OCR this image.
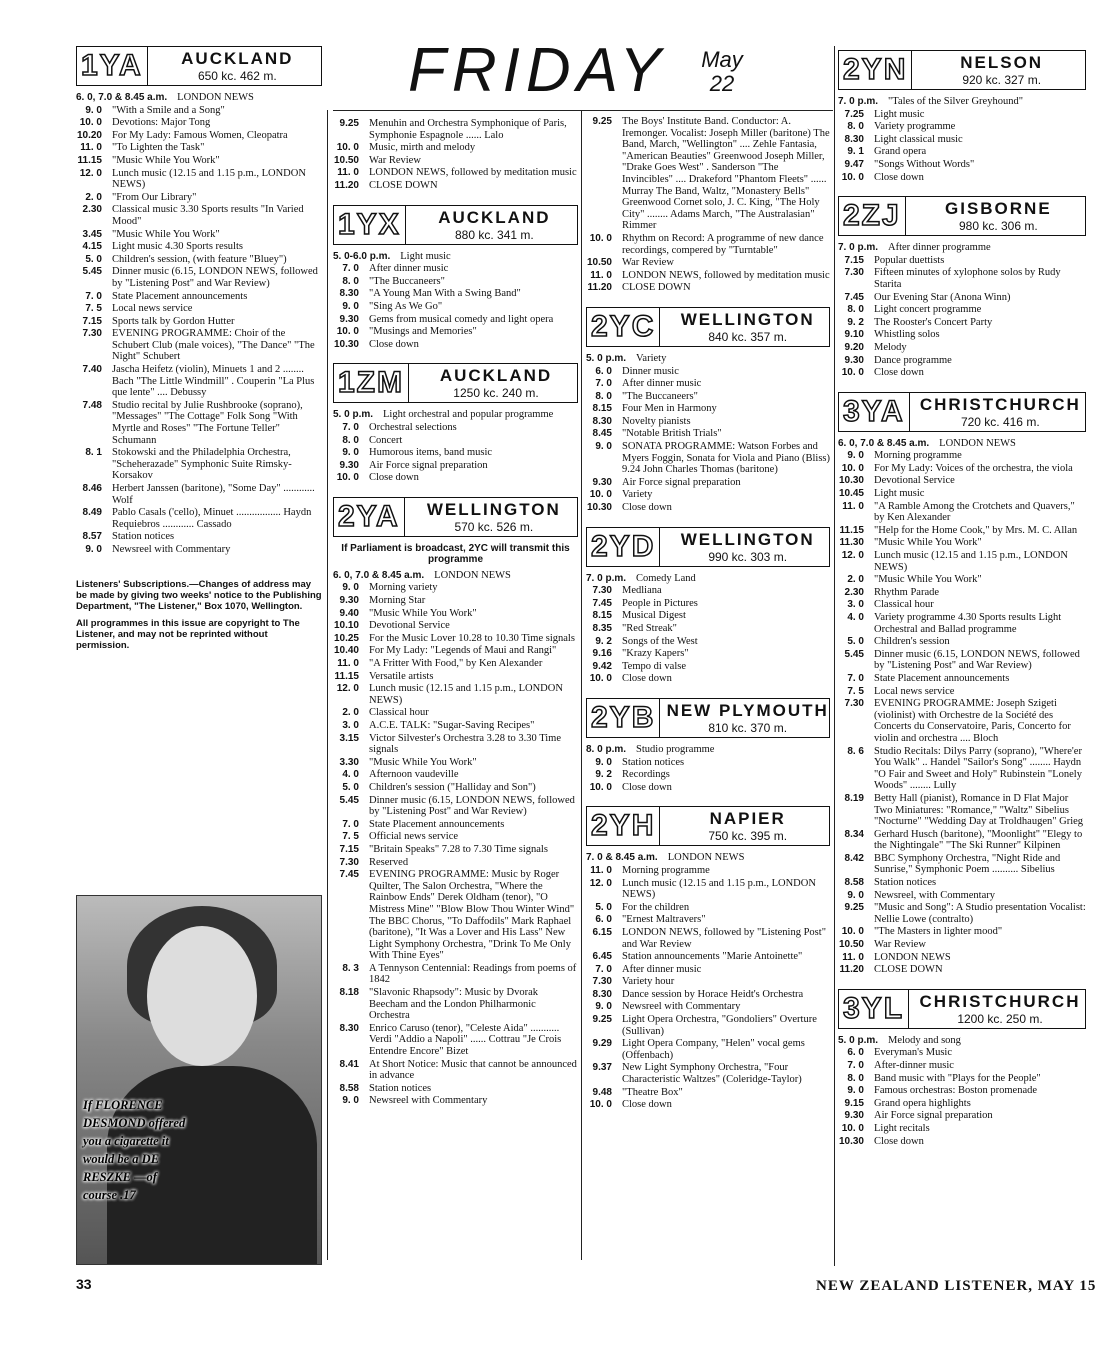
FRIDAY	May
22
1YA	AUCKLAND
650 kc. 462 m.
6. 0, 7.0 & 8.45 a.m. LONDON NEWS
9. 0 "With a Smile and a Song"
10. 0 Devotions: Major Tong
10.20 For My Lady: Famous Women, Cleopatra
11. 0 "To Lighten the Task"
11.15 "Music While You Work"
12. 0 Lunch music (12.15 and 1.15 p.m., LONDON NEWS)
2. 0 "From Our Library"
2.30 Classical music 3.30 Sports results "In Varied Mood"
3.45 "Music While You Work"
4.15 Light music 4.30 Sports results
5. 0 Children's session, (with feature "Bluey")
5.45 Dinner music (6.15, LONDON NEWS, followed by "Listening Post" and War Review)
7. 0 State Placement announcements
7. 5 Local news service
7.15 Sports talk by Gordon Hutter
7.30 EVENING PROGRAMME: Choir of the Schubert Club (male voices), "The Dance" "The Night" Schubert
7.40 Jascha Heifetz (violin), Minuets 1 and 2 ........ Bach "The Little Windmill" . Couperin "La Plus que lente" .... Debussy
7.48 Studio recital by Julie Rushbrooke (soprano), "Messages" "The Cottage" Folk Song "With Myrtle and Roses" "The Fortune Teller" Schumann
8. 1 Stokowski and the Philadelphia Orchestra, "Scheherazade" Symphonic Suite Rimsky-Korsakov
8.46 Herbert Janssen (baritone), "Some Day" ............ Wolf
8.49 Pablo Casals ('cello), Minuet ................. Haydn Requiebros ............ Cassado
8.57 Station notices
9. 0 Newsreel with Commentary
Listeners' Subscriptions.—Changes of address may be made by giving two weeks' notice to the Publishing Department, "The Listener," Box 1070, Wellington.
All programmes in this issue are copyright to The Listener, and may not be reprinted without permission.
If FLORENCE DESMOND offered you a cigarette it would be a DE RESZKE —of course .17
9.25 Menuhin and Orchestra Symphonique of Paris, Symphonie Espagnole ...... Lalo
10. 0 Music, mirth and melody
10.50 War Review
11. 0 LONDON NEWS, followed by meditation music
11.20 CLOSE DOWN
1YX	AUCKLAND
880 kc. 341 m.
5. 0-6.0 p.m. Light music
7. 0 After dinner music
8. 0 "The Buccaneers"
8.30 "A Young Man With a Swing Band"
9. 0 "Sing As We Go"
9.30 Gems from musical comedy and light opera
10. 0 "Musings and Memories"
10.30 Close down
1ZM	AUCKLAND
1250 kc. 240 m.
5. 0 p.m. Light orchestral and popular programme
7. 0 Orchestral selections
8. 0 Concert
9. 0 Humorous items, band music
9.30 Air Force signal preparation
10. 0 Close down
2YA	WELLINGTON
570 kc. 526 m.
If Parliament is broadcast, 2YC will transmit this programme
6. 0, 7.0 & 8.45 a.m. LONDON NEWS
9. 0 Morning variety
9.30 Morning Star
9.40 "Music While You Work"
10.10 Devotional Service
10.25 For the Music Lover 10.28 to 10.30 Time signals
10.40 For My Lady: "Legends of Maui and Rangi"
11. 0 "A Fritter With Food," by Ken Alexander
11.15 Versatile artists
12. 0 Lunch music (12.15 and 1.15 p.m., LONDON NEWS)
2. 0 Classical hour
3. 0 A.C.E. TALK: "Sugar-Saving Recipes"
3.15 Victor Silvester's Orchestra 3.28 to 3.30 Time signals
3.30 "Music While You Work"
4. 0 Afternoon vaudeville
5. 0 Children's session ("Halliday and Son")
5.45 Dinner music (6.15, LONDON NEWS, followed by "Listening Post" and War Review)
7. 0 State Placement announcements
7. 5 Official news service
7.15 "Britain Speaks" 7.28 to 7.30 Time signals
7.30 Reserved
7.45 EVENING PROGRAMME: Music by Roger Quilter, The Salon Orchestra, "Where the Rainbow Ends" Derek Oldham (tenor), "O Mistress Mine" "Blow Blow Thou Winter Wind" The BBC Chorus, "To Daffodils" Mark Raphael (baritone), "It Was a Lover and His Lass" New Light Symphony Orchestra, "Drink To Me Only With Thine Eyes"
8. 3 A Tennyson Centennial: Readings from poems of 1842
8.18 "Slavonic Rhapsody": Music by Dvorak Beecham and the London Philharmonic Orchestra
8.30 Enrico Caruso (tenor), "Celeste Aida" ........... Verdi "Addio a Napoli" ...... Cottrau "Je Crois Entendre Encore" Bizet
8.41 At Short Notice: Music that cannot be announced in advance
8.58 Station notices
9. 0 Newsreel with Commentary
9.25 The Boys' Institute Band. Conductor: A. Iremonger. Vocalist: Joseph Miller (baritone) The Band, March, "Wellington" .... Zehle Fantasia, "American Beauties" Greenwood Joseph Miller, "Drake Goes West" . Sanderson "The Invincibles" .... Drakeford "Phantom Fleets" ...... Murray The Band, Waltz, "Monastery Bells" Greenwood Cornet solo, J. C. King, "The Holy City" ........ Adams March, "The Australasian" Rimmer
10. 0 Rhythm on Record: A programme of new dance recordings, compered by "Turntable"
10.50 War Review
11. 0 LONDON NEWS, followed by meditation music
11.20 CLOSE DOWN
2YC	WELLINGTON
840 kc. 357 m.
5. 0 p.m. Variety
6. 0 Dinner music
7. 0 After dinner music
8. 0 "The Buccaneers"
8.15 Four Men in Harmony
8.30 Novelty pianists
8.45 "Notable British Trials"
9. 0 SONATA PROGRAMME: Watson Forbes and Myers Foggin, Sonata for Viola and Piano (Bliss) 9.24 John Charles Thomas (baritone)
9.30 Air Force signal preparation
10. 0 Variety
10.30 Close down
2YD	WELLINGTON
990 kc. 303 m.
7. 0 p.m. Comedy Land
7.30 Medliana
7.45 People in Pictures
8.15 Musical Digest
8.35 "Red Streak"
9. 2 Songs of the West
9.16 "Krazy Kapers"
9.42 Tempo di valse
10. 0 Close down
2YB NEW PLYMOUTH
810 kc. 370 m.
8. 0 p.m. Studio programme
9. 0 Station notices
9. 2 Recordings
10. 0 Close down
2YH	NAPIER
750 kc. 395 m.
7. 0 & 8.45 a.m. LONDON NEWS
11. 0 Morning programme
12. 0 Lunch music (12.15 and 1.15 p.m., LONDON NEWS)
5. 0 For the children
6. 0 "Ernest Maltravers"
6.15 LONDON NEWS, followed by "Listening Post" and War Review
6.45 Station announcements "Marie Antoinette"
7. 0 After dinner music
7.30 Variety hour
8.30 Dance session by Horace Heidt's Orchestra
9. 0 Newsreel with Commentary
9.25 Light Opera Orchestra, "Gondoliers" Overture (Sullivan)
9.29 Light Opera Company, "Helen" vocal gems (Offenbach)
9.37 New Light Symphony Orchestra, "Four Characteristic Waltzes" (Coleridge-Taylor)
9.48 "Theatre Box"
10. 0 Close down
2YN	NELSON
920 kc. 327 m.
7. 0 p.m. "Tales of the Silver Greyhound"
7.25 Light music
8. 0 Variety programme
8.30 Light classical music
9. 1 Grand opera
9.47 "Songs Without Words"
10. 0 Close down
2ZJ	GISBORNE
980 kc. 306 m.
7. 0 p.m. After dinner programme
7.15 Popular duettists
7.30 Fifteen minutes of xylophone solos by Rudy Starita
7.45 Our Evening Star (Anona Winn)
8. 0 Light concert programme
9. 2 The Rooster's Concert Party
9.10 Whistling solos
9.20 Melody
9.30 Dance programme
10. 0 Close down
3YA CHRISTCHURCH
720 kc. 416 m.
6. 0, 7.0 & 8.45 a.m. LONDON NEWS
9. 0 Morning programme
10. 0 For My Lady: Voices of the orchestra, the viola
10.30 Devotional Service
10.45 Light music
11. 0 "A Ramble Among the Crotchets and Quavers," by Ken Alexander
11.15 "Help for the Home Cook," by Mrs. M. C. Allan
11.30 "Music While You Work"
12. 0 Lunch music (12.15 and 1.15 p.m., LONDON NEWS)
2. 0 "Music While You Work"
2.30 Rhythm Parade
3. 0 Classical hour
4. 0 Variety programme 4.30 Sports results Light Orchestral and Ballad programme
5. 0 Children's session
5.45 Dinner music (6.15, LONDON NEWS, followed by "Listening Post" and War Review)
7. 0 State Placement announcements
7. 5 Local news service
7.30 EVENING PROGRAMME: Joseph Szigeti (violinist) with Orchestre de la Société des Concerts du Conservatoire, Paris, Concerto for violin and orchestra .... Bloch
8. 6 Studio Recitals: Dilys Parry (soprano), "Where'er You Walk" .. Handel "Sailor's Song" ........ Haydn "O Fair and Sweet and Holy" Rubinstein "Lonely Woods" ........ Lully
8.19 Betty Hall (pianist), Romance in D Flat Major Two Miniatures: "Romance," "Waltz" Sibelius "Nocturne" "Wedding Day at Troldhaugen" Grieg
8.34 Gerhard Husch (baritone), "Moonlight" "Elegy to the Nightingale" "The Ski Runner" Kilpinen
8.42 BBC Symphony Orchestra, "Night Ride and Sunrise," Symphonic Poem .......... Sibelius
8.58 Station notices
9. 0 Newsreel, with Commentary
9.25 "Music and Song": A Studio presentation Vocalist: Nellie Lowe (contralto)
10. 0 "The Masters in lighter mood"
10.50 War Review
11. 0 LONDON NEWS
11.20 CLOSE DOWN
3YL CHRISTCHURCH
1200 kc. 250 m.
5. 0 p.m. Melody and song
6. 0 Everyman's Music
7. 0 After-dinner music
8. 0 Band music with "Plays for the People"
9. 0 Famous orchestras: Boston promenade
9.15 Grand opera highlights
9.30 Air Force signal preparation
10. 0 Light recitals
10.30 Close down
33	NEW ZEALAND LISTENER, MAY 15
